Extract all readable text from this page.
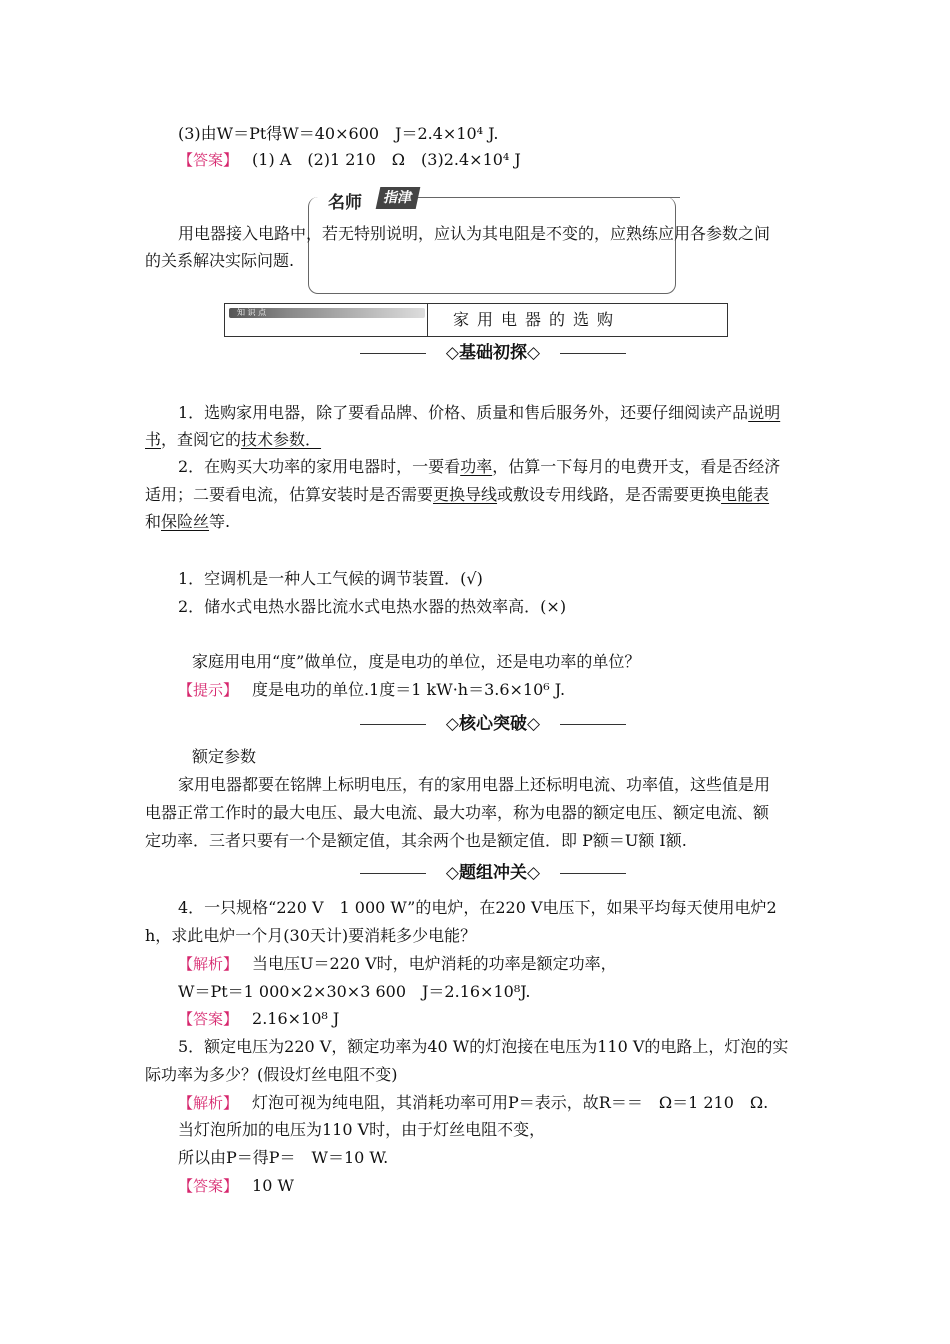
(3)由W＝Pt得W＝40×600　J＝2.4×10⁴ J.
【答案】 (1) A　(2)1 210　Ω　(3)2.4×10⁴ J
名师	指津
用电器接入电路中，若无特别说明，应认为其电阻是不变的，应熟练应用各参数之间
的关系解决实际问题.
知 识 点	家用电器的选购
◇基础初探◇
1．选购家用电器，除了要看品牌、价格、质量和售后服务外，还要仔细阅读产品说明
书，查阅它的技术参数．
2．在购买大功率的家用电器时，一要看功率，估算一下每月的电费开支，看是否经济
适用；二要看电流，估算安装时是否需要更换导线或敷设专用线路，是否需要更换电能表
和保险丝等.
1．空调机是一种人工气候的调节装置．(√)
2．储水式电热水器比流水式电热水器的热效率高．(×)
家庭用电用“度”做单位，度是电功的单位，还是电功率的单位？
【提示】 度是电功的单位.1度＝1 kW·h＝3.6×10⁶ J.
◇核心突破◇
额定参数
家用电器都要在铭牌上标明电压，有的家用电器上还标明电流、功率值，这些值是用
电器正常工作时的最大电压、最大电流、最大功率，称为电器的额定电压、额定电流、额
定功率．三者只要有一个是额定值，其余两个也是额定值．即 P额＝U额 I额.
◇题组冲关◇
4．一只规格“220 V　1 000 W”的电炉，在220 V电压下，如果平均每天使用电炉2
h，求此电炉一个月(30天计)要消耗多少电能？
【解析】 当电压U＝220 V时，电炉消耗的功率是额定功率，
W＝Pt＝1 000×2×30×3 600　J＝2.16×10⁸J.
【答案】 2.16×10⁸ J
5．额定电压为220 V，额定功率为40 W的灯泡接在电压为110 V的电路上，灯泡的实
际功率为多少？(假设灯丝电阻不变)
【解析】 灯泡可视为纯电阻，其消耗功率可用P＝表示，故R＝＝　Ω＝1 210　Ω.
当灯泡所加的电压为110 V时，由于灯丝电阻不变，
所以由P＝得P＝　W＝10 W.
【答案】 10 W
